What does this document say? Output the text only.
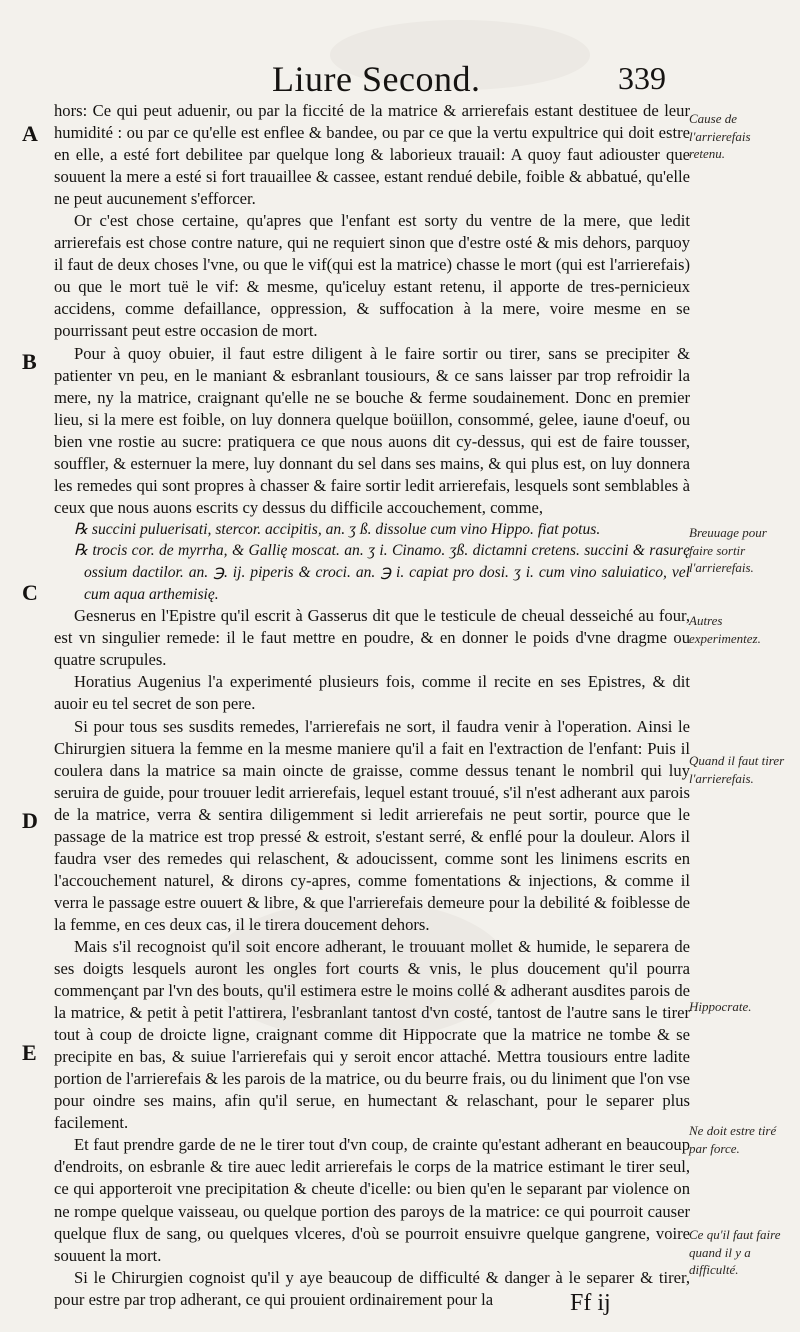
Liure Second.	339
A
B
C
D
E

hors: Ce qui peut aduenir, ou par la ficcité de la matrice & arrierefais estant destituee de leur humidité : ou par ce qu'elle est enflee & bandee, ou par ce que la vertu expultrice qui doit estre en elle, a esté fort debilitee par quelque long & laborieux trauail: A quoy faut adiouster que souuent la mere a esté si fort trauaillee & cassee, estant rendué debile, foible & abbatué, qu'elle ne peut aucunement s'efforcer.

Or c'est chose certaine, qu'apres que l'enfant est sorty du ventre de la mere, que ledit arrierefais est chose contre nature, qui ne requiert sinon que d'estre osté & mis dehors, parquoy il faut de deux choses l'vne, ou que le vif(qui est la matrice) chasse le mort (qui est l'arrierefais) ou que le mort tuë le vif: & mesme, qu'iceluy estant retenu, il apporte de tres-pernicieux accidens, comme defaillance, oppression, & suffocation à la mere, voire mesme en se pourrissant peut estre occasion de mort.

Pour à quoy obuier, il faut estre diligent à le faire sortir ou tirer, sans se precipiter & patienter vn peu, en le maniant & esbranlant tousiours, & ce sans laisser par trop refroidir la mere, ny la matrice, craignant qu'elle ne se bouche & ferme soudainement. Donc en premier lieu, si la mere est foible, on luy donnera quelque boüillon, consommé, gelee, iaune d'oeuf, ou bien vne rostie au sucre: pratiquera ce que nous auons dit cy-dessus, qui est de faire tousser, souffler, & esternuer la mere, luy donnant du sel dans ses mains, & qui plus est, on luy donnera les remedes qui sont propres à chasser & faire sortir ledit arrierefais, lesquels sont semblables à ceux que nous auons escrits cy dessus du difficile accouchement, comme,

℞ succini puluerisati, stercor. accipitis, an. ʒ ß. dissolue cum vino Hippo. fiat potus.

℞ trocis cor. de myrrha, & Gallię moscat. an. ʒ i. Cinamo. ʒß. dictamni cretens. succini & rasurę ossium dactilor. an. ℈. ij. piperis & croci. an. ℈ i. capiat pro dosi. ʒ i. cum vino saluiatico, vel cum aqua arthemisię.

Gesnerus en l'Epistre qu'il escrit à Gasserus dit que le testicule de cheual desseiché au four, est vn singulier remede: il le faut mettre en poudre, & en donner le poids d'vne dragme ou quatre scrupules.

Horatius Augenius l'a experimenté plusieurs fois, comme il recite en ses Epistres, & dit auoir eu tel secret de son pere.

Si pour tous ses susdits remedes, l'arrierefais ne sort, il faudra venir à l'operation. Ainsi le Chirurgien situera la femme en la mesme maniere qu'il a fait en l'extraction de l'enfant: Puis il coulera dans la matrice sa main oincte de graisse, comme dessus tenant le nombril qui luy seruira de guide, pour trouuer ledit arrierefais, lequel estant trouué, s'il n'est adherant aux parois de la matrice, verra & sentira diligemment si ledit arrierefais ne peut sortir, pource que le passage de la matrice est trop pressé & estroit, s'estant serré, & enflé pour la douleur. Alors il faudra vser des remedes qui relaschent, & adoucissent, comme sont les linimens escrits en l'accouchement naturel, & dirons cy-apres, comme fomentations & injections, & comme il verra le passage estre ouuert & libre, & que l'arrierefais demeure pour la debilité & foiblesse de la femme, en ces deux cas, il le tirera doucement dehors.

Mais s'il recognoist qu'il soit encore adherant, le trouuant mollet & humide, le separera de ses doigts lesquels auront les ongles fort courts & vnis, le plus doucement qu'il pourra commençant par l'vn des bouts, qu'il estimera estre le moins collé & adherant ausdites parois de la matrice, & petit à petit l'attirera, l'esbranlant tantost d'vn costé, tantost de l'autre sans le tirer tout à coup de droicte ligne, craignant comme dit Hippocrate que la matrice ne tombe & se precipite en bas, & suiue l'arrierefais qui y seroit encor attaché. Mettra tousiours entre ladite portion de l'arrierefais & les parois de la matrice, ou du beurre frais, ou du liniment que l'on vse pour oindre ses mains, afin qu'il serue, en humectant & relaschant, pour le separer plus facilement.

Et faut prendre garde de ne le tirer tout d'vn coup, de crainte qu'estant adherant en beaucoup d'endroits, on esbranle & tire auec ledit arrierefais le corps de la matrice estimant le tirer seul, ce qui apporteroit vne precipitation & cheute d'icelle: ou bien qu'en le separant par violence on ne rompe quelque vaisseau, ou quelque portion des paroys de la matrice: ce qui pourroit causer quelque flux de sang, ou quelques vlceres, d'où se pourroit ensuivre quelque gangrene, voire souuent la mort.

Si le Chirurgien cognoist qu'il y aye beaucoup de difficulté & danger à le separer & tirer, pour estre par trop adherant, ce qui prouient ordinairement pour la

Cause de l'arrierefais retenu.
Breuuage pour faire sortir l'arrierefais.
Autres experimentez.
Quand il faut tirer l'arrierefais.
Hippocrate.
Ne doit estre tiré par force.
Ce qu'il faut faire quand il y a difficulté.
Ff ij
